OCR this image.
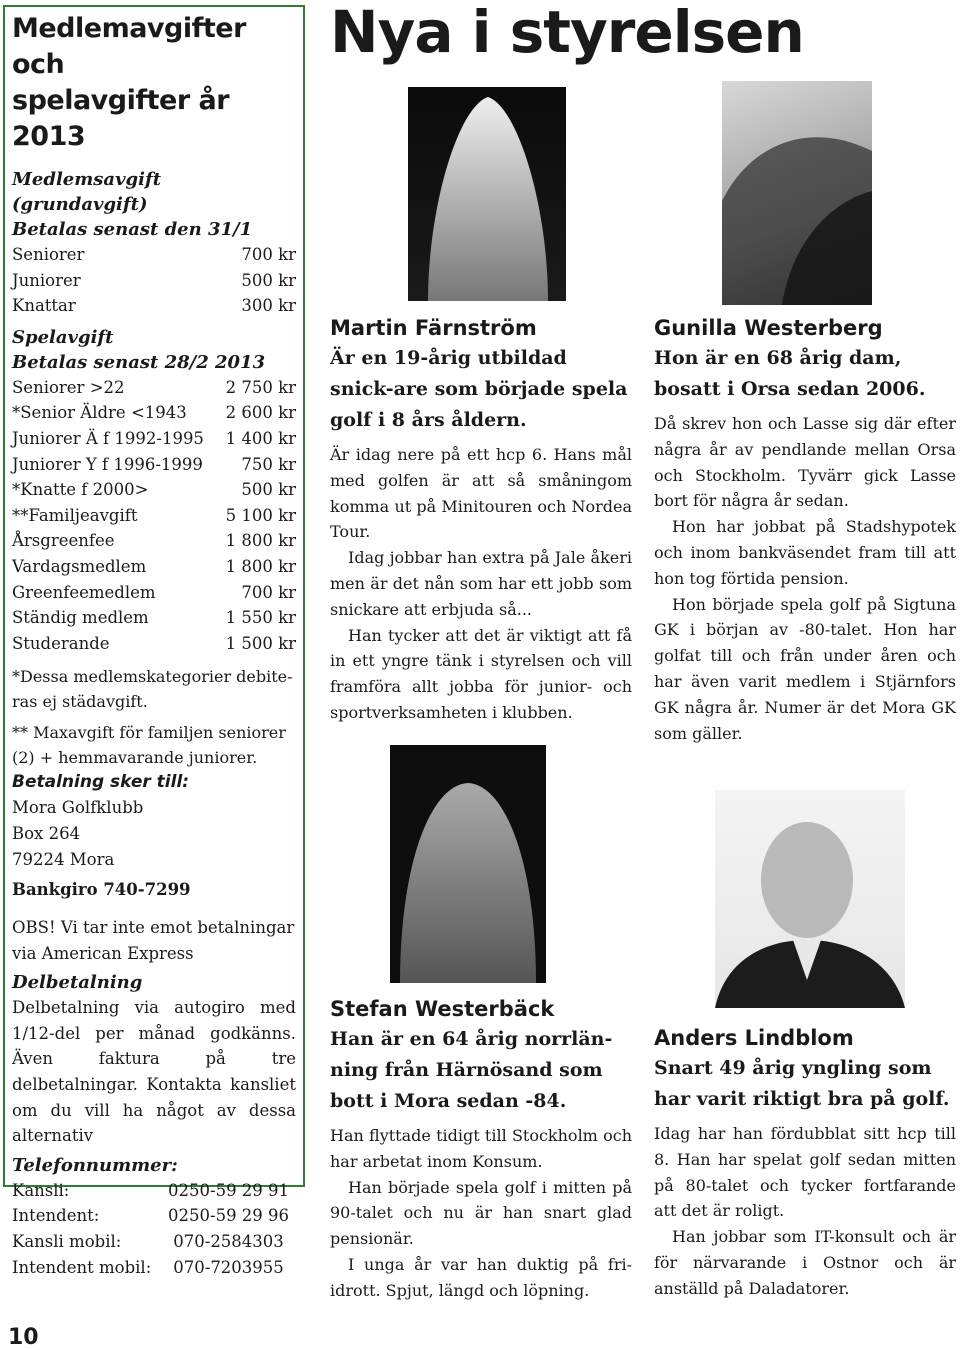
Medlemavgifter och
spelavgifter år 2013
Medlemsavgift (grundavgift)
Betalas senast den 31/1
Seniorer	700 kr
Juniorer	500 kr
Knattar	300 kr
Spelavgift
Betalas senast 28/2 2013
Seniorer >22	2 750 kr
*Senior Äldre <1943 2 600 kr
Juniorer Ä f 1992-1995 1 400 kr
Juniorer Y f 1996-1999 750 kr
*Knatte f 2000>	500 kr
**Familjeavgift	5 100 kr
Årsgreenfee	1 800 kr
Vardagsmedlem	1 800 kr
Greenfeemedlem	700 kr
Ständig medlem	1 550 kr
Studerande	1 500 kr
*Dessa medlemskategorier debite-
ras ej städavgift.
** Maxavgift för familjen seniorer
(2) + hemmavarande juniorer.
Betalning sker till:
Mora Golfklubb
Box 264
79224 Mora
Bankgiro 740-7299
OBS! Vi tar inte emot betalningar
via American Express
Delbetalning
Delbetalning via autogiro med 1/12-del per månad godkänns. Även faktura på tre delbetalningar. Kontakta kansliet om du vill ha något av dessa alternativ
Telefonnummer:
Kansli:	0250-59 29 91
Intendent:	0250-59 29 96
Kansli mobil:	070-2584303
Intendent mobil:	070-7203955
10
Nya i styrelsen
Martin Färnström
Är en 19-årig utbildad snick-are som började spela golf i 8 års åldern.
Är idag nere på ett hcp 6. Hans mål med golfen är att så småningom komma ut på Minitouren och Nordea Tour.
Idag jobbar han extra på Jale åkeri men är det nån som har ett jobb som snickare att erbjuda så...
Han tycker att det är viktigt att få in ett yngre tänk i styrelsen och vill framföra allt jobba för junior- och sportverksamheten i klubben.
Gunilla Westerberg
Hon är en 68 årig dam, bosatt i Orsa sedan 2006.
Då skrev hon och Lasse sig där efter några år av pendlande mellan Orsa och Stockholm. Tyvärr gick Lasse bort för några år sedan.
Hon har jobbat på Stadshypotek och inom bankväsendet fram till att hon tog förtida pension.
Hon började spela golf på Sigtuna GK i början av -80-talet. Hon har golfat till och från under åren och har även varit medlem i Stjärnfors GK några år. Numer är det Mora GK som gäller.
Stefan Westerbäck
Han är en 64 årig norrlän-ning från Härnösand som bott i Mora sedan -84.
Han flyttade tidigt till Stockholm och har arbetat inom Konsum.
Han började spela golf i mitten på 90-talet och nu är han snart glad pensionär.
I unga år var han duktig på fri-idrott. Spjut, längd och löpning.
Anders Lindblom
Snart 49 årig yngling som har varit riktigt bra på golf.
Idag har han fördubblat sitt hcp till 8. Han har spelat golf sedan mitten på 80-talet och tycker fortfarande att det är roligt.
Han jobbar som IT-konsult och är för närvarande i Ostnor och är anställd på Daladatorer.
